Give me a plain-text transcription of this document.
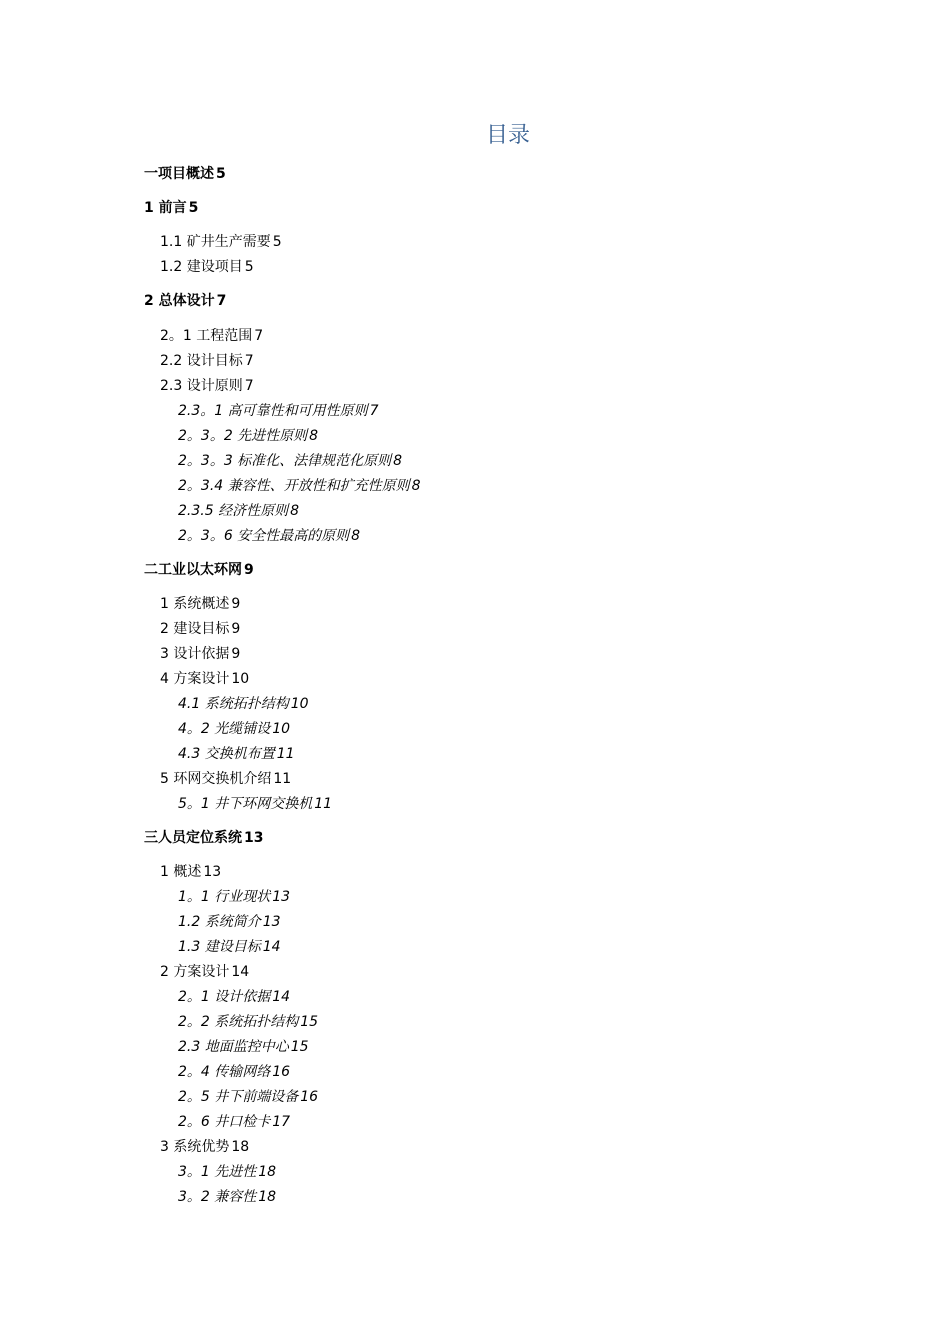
目录
一项目概述 5
1 前言 5
1.1 矿井生产需要 5
1.2 建设项目 5
2 总体设计 7
2。1 工程范围 7
2.2 设计目标 7
2.3 设计原则 7
2.3。1 高可靠性和可用性原则 7
2。3。2 先进性原则 8
2。3。3 标准化、法律规范化原则 8
2。3.4 兼容性、开放性和扩充性原则 8
2.3.5 经济性原则 8
2。3。6 安全性最高的原则 8
二工业以太环网 9
1 系统概述 9
2 建设目标 9
3 设计依据 9
4 方案设计 10
4.1 系统拓扑结构 10
4。2 光缆铺设 10
4.3 交换机布置 11
5 环网交换机介绍 11
5。1 井下环网交换机 11
三人员定位系统 13
1 概述 13
1。1 行业现状 13
1.2 系统简介 13
1.3 建设目标 14
2 方案设计 14
2。1 设计依据 14
2。2 系统拓扑结构 15
2.3 地面监控中心 15
2。4 传输网络 16
2。5 井下前端设备 16
2。6 井口检卡 17
3 系统优势 18
3。1 先进性 18
3。2 兼容性 18
